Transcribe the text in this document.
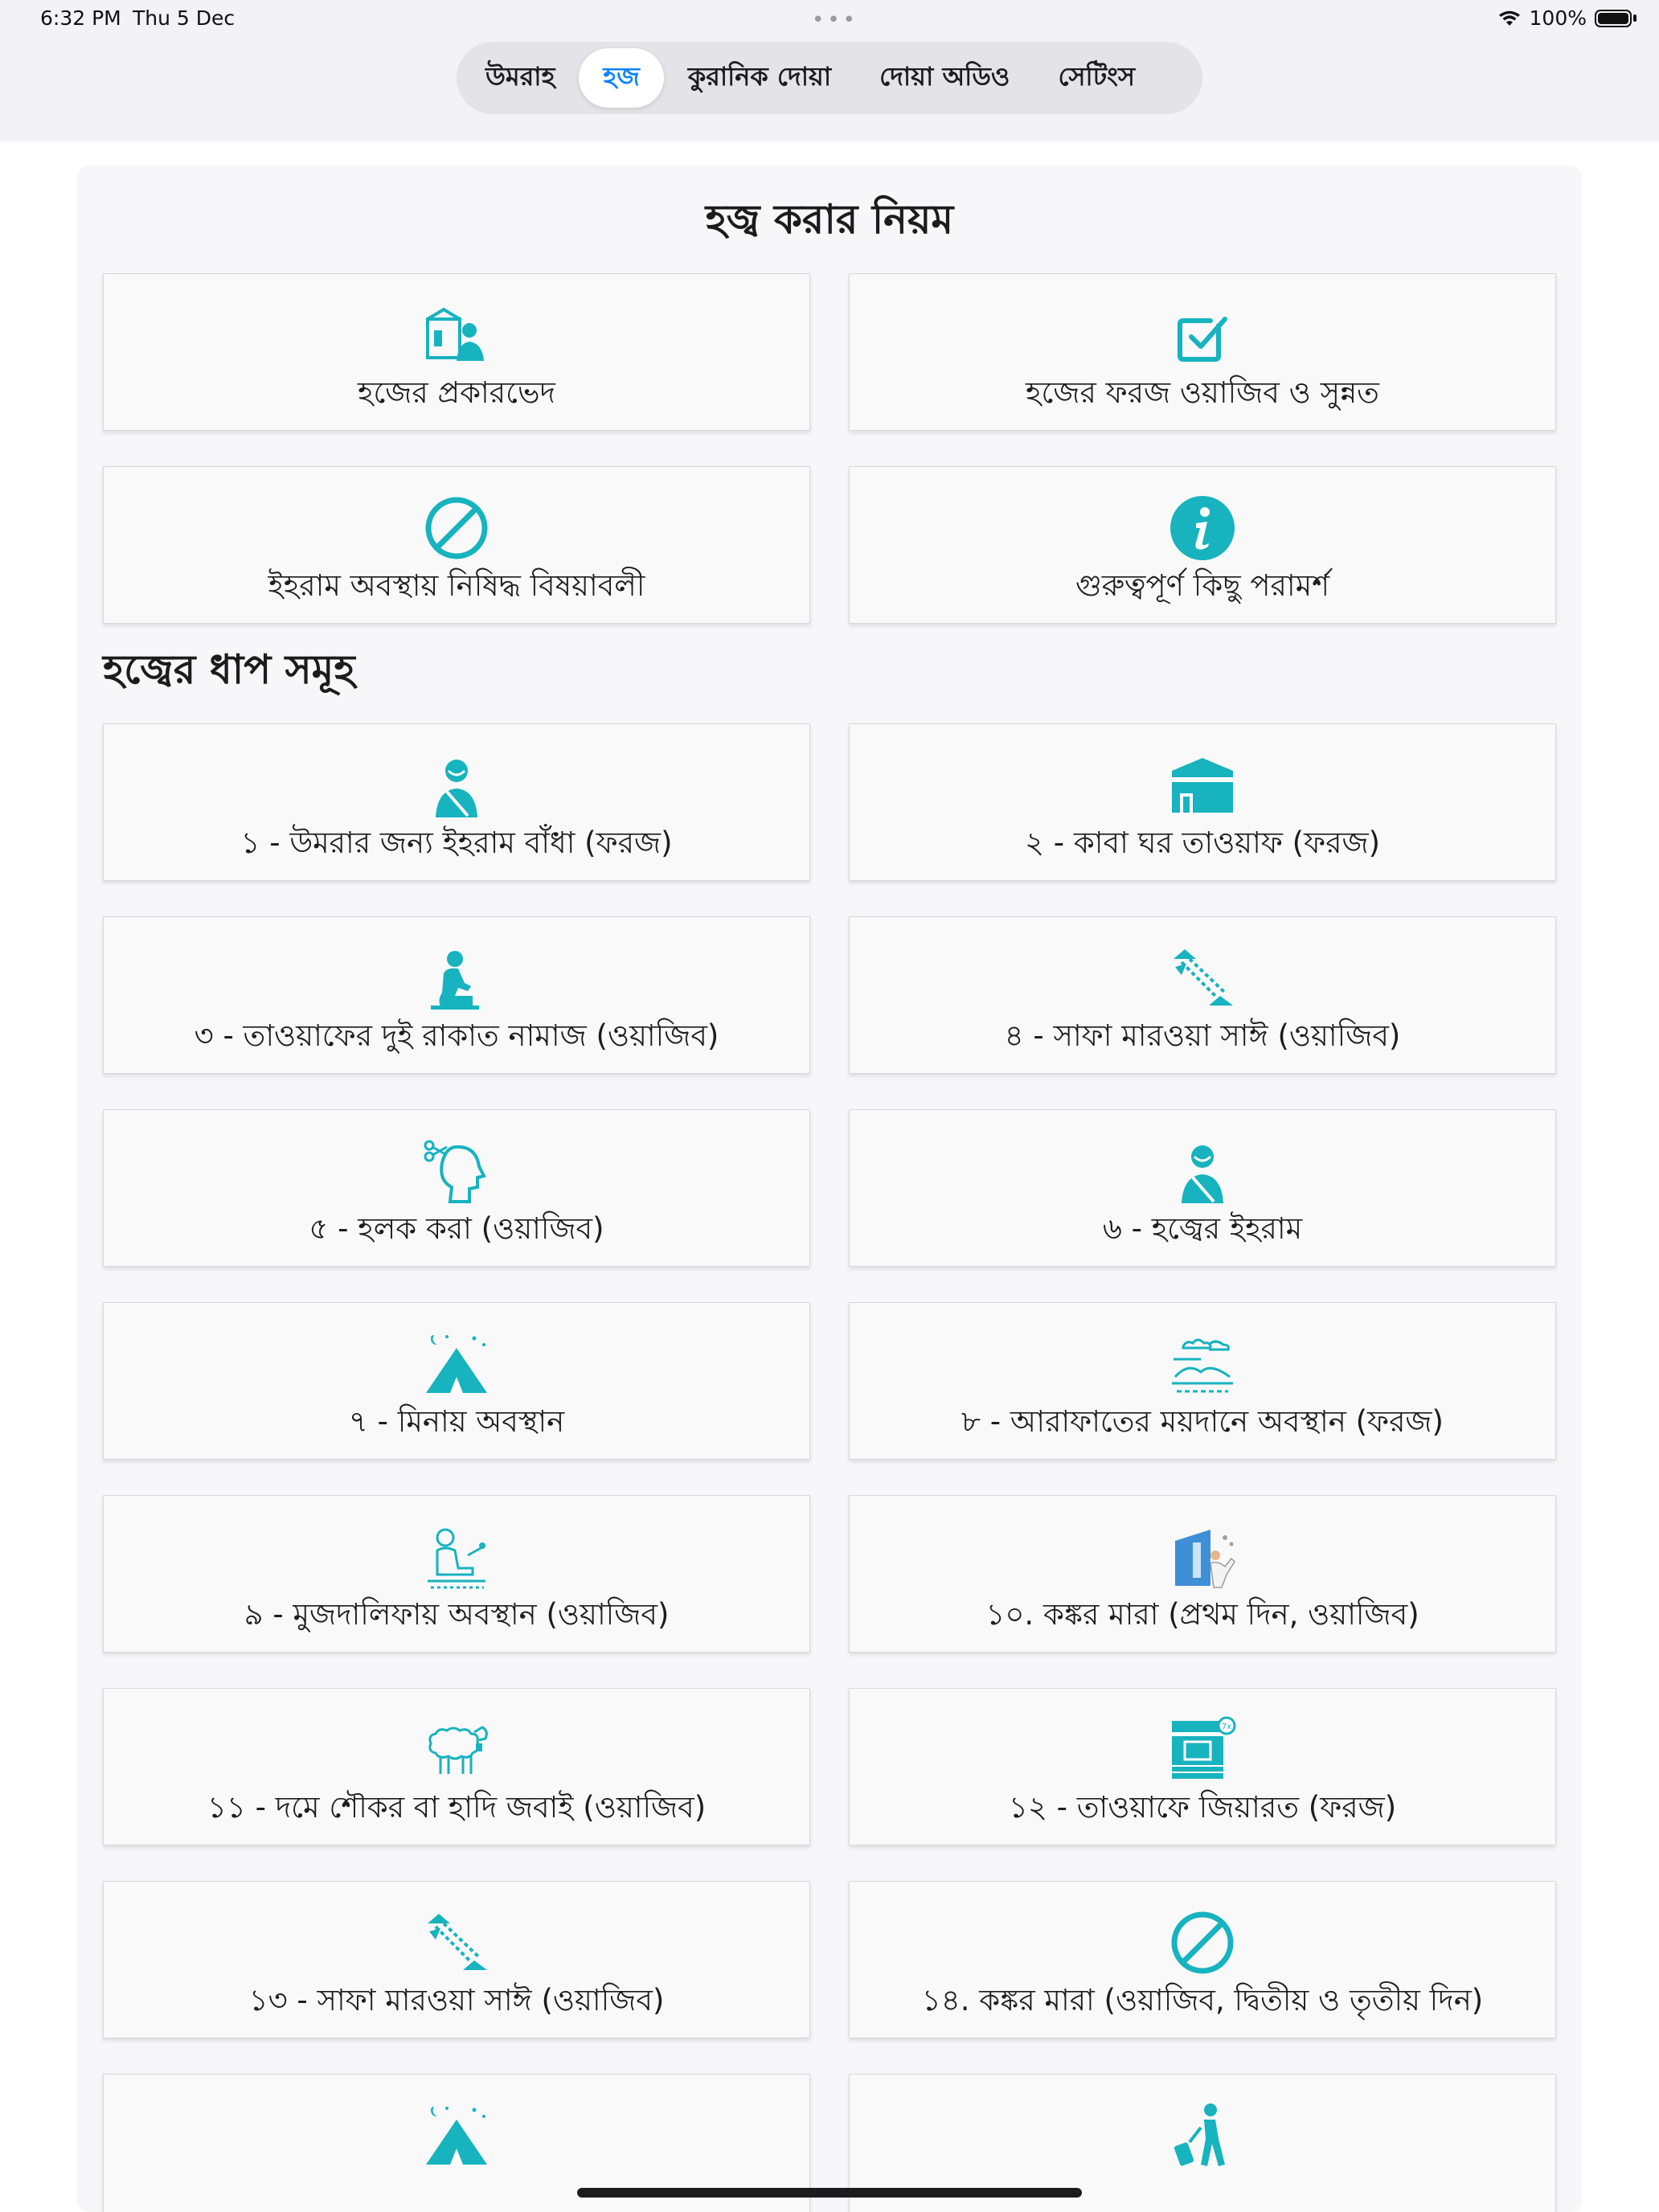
6:32 PM Thu 5 Dec	•••	100%
উমরাহ	হজ	কুরানিক দোয়া	দোয়া অডিও	সেটিংস
হজ্ব করার নিয়ম
হজের প্রকারভেদ	হজের ফরজ ওয়াজিব ও সুন্নত
ইহরাম অবস্থায় নিষিদ্ধ বিষয়াবলী	গুরুত্বপূর্ণ কিছু পরামর্শ
হজ্বের ধাপ সমূহ
১ - উমরার জন্য ইহরাম বাঁধা (ফরজ)	২ - কাবা ঘর তাওয়াফ (ফরজ)
৩ - তাওয়াফের দুই রাকাত নামাজ (ওয়াজিব)	৪ - সাফা মারওয়া সাঈ (ওয়াজিব)
৫ - হলক করা (ওয়াজিব)	৬ - হজ্বের ইহরাম
৭ - মিনায় অবস্থান	৮ - আরাফাতের ময়দানে অবস্থান (ফরজ)
৯ - মুজদালিফায় অবস্থান (ওয়াজিব)	১০. কঙ্কর মারা (প্রথম দিন, ওয়াজিব)
১১ - দমে শৌকর বা হাদি জবাই (ওয়াজিব)
7x
১২ - তাওয়াফে জিয়ারত (ফরজ)
১৩ - সাফা মারওয়া সাঈ (ওয়াজিব)	১৪. কঙ্কর মারা (ওয়াজিব, দ্বিতীয় ও তৃতীয় দিন)
